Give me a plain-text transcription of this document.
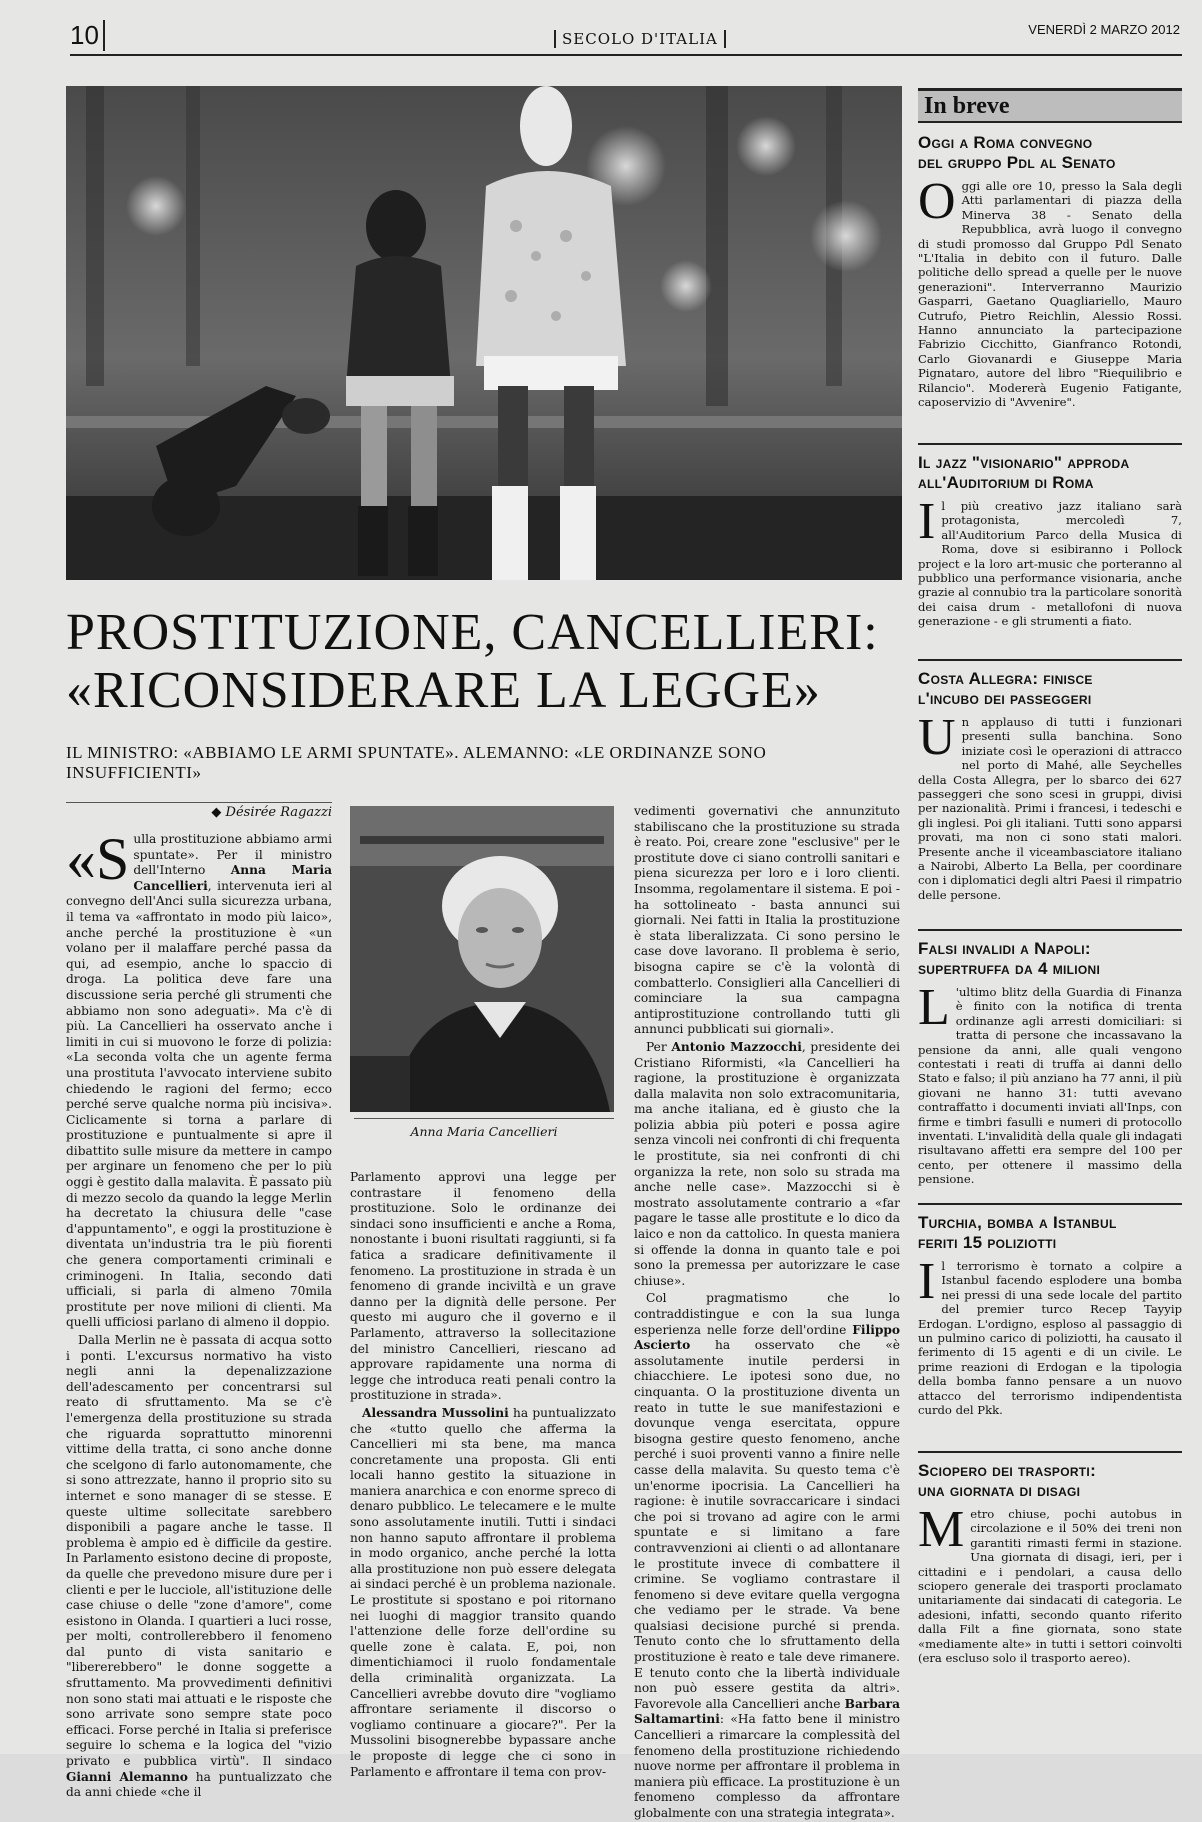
10	SECOLO D'ITALIA
VENERDÌ 2 MARZO 2012
PROSTITUZIONE, CANCELLIERI:
«RICONSIDERARE LA LEGGE»
IL MINISTRO: «ABBIAMO LE ARMI SPUNTATE». ALEMANNO: «LE ORDINANZE SONO INSUFFICIENTI»
◆ Désirée Ragazzi

«Sulla prostituzione abbiamo armi spuntate». Per il ministro dell'Interno Anna Maria Cancellieri, intervenuta ieri al convegno dell'Anci sulla sicurezza urbana, il tema va «affrontato in modo più laico», anche perché la prostituzione è «un volano per il malaffare perché passa da qui, ad esempio, anche lo spaccio di droga. La politica deve fare una discussione seria perché gli strumenti che abbiamo non sono adeguati». Ma c'è di più. La Cancellieri ha osservato anche i limiti in cui si muovono le forze di polizia: «La seconda volta che un agente ferma una prostituta l'avvocato interviene subito chiedendo le ragioni del fermo; ecco perché serve qualche norma più incisiva». Ciclicamente si torna a parlare di prostituzione e puntualmente si apre il dibattito sulle misure da mettere in campo per arginare un fenomeno che per lo più oggi è gestito dalla malavita. È passato più di mezzo secolo da quando la legge Merlin ha decretato la chiusura delle "case d'appuntamento", e oggi la prostituzione è diventata un'industria tra le più fiorenti che genera comportamenti criminali e criminogeni. In Italia, secondo dati ufficiali, si parla di almeno 70mila prostitute per nove milioni di clienti. Ma quelli ufficiosi parlano di almeno il doppio.

Dalla Merlin ne è passata di acqua sotto i ponti. L'excursus normativo ha visto negli anni la depenalizzazione dell'adescamento per concentrarsi sul reato di sfruttamento. Ma se c'è l'emergenza della prostituzione su strada che riguarda soprattutto minorenni vittime della tratta, ci sono anche donne che scelgono di farlo autonomamente, che si sono attrezzate, hanno il proprio sito su internet e sono manager di se stesse. E queste ultime sollecitate sarebbero disponibili a pagare anche le tasse. Il problema è ampio ed è difficile da gestire. In Parlamento esistono decine di proposte, da quelle che prevedono misure dure per i clienti e per le lucciole, all'istituzione delle case chiuse o delle "zone d'amore", come esistono in Olanda. I quartieri a luci rosse, per molti, controllerebbero il fenomeno dal punto di vista sanitario e "libererebbero" le donne soggette a sfruttamento. Ma provvedimenti definitivi non sono stati mai attuati e le risposte che sono arrivate sono sempre state poco efficaci. Forse perché in Italia si preferisce seguire lo schema e la logica del "vizio privato e pubblica virtù". Il sindaco Gianni Alemanno ha puntualizzato che da anni chiede «che il

Anna Maria Cancellieri

Parlamento approvi una legge per contrastare il fenomeno della prostituzione. Solo le ordinanze dei sindaci sono insufficienti e anche a Roma, nonostante i buoni risultati raggiunti, si fa fatica a sradicare definitivamente il fenomeno. La prostituzione in strada è un fenomeno di grande inciviltà e un grave danno per la dignità delle persone. Per questo mi auguro che il governo e il Parlamento, attraverso la sollecitazione del ministro Cancellieri, riescano ad approvare rapidamente una norma di legge che introduca reati penali contro la prostituzione in strada».

Alessandra Mussolini ha puntualizzato che «tutto quello che afferma la Cancellieri mi sta bene, ma manca concretamente una proposta. Gli enti locali hanno gestito la situazione in maniera anarchica e con enorme spreco di denaro pubblico. Le telecamere e le multe sono assolutamente inutili. Tutti i sindaci non hanno saputo affrontare il problema in modo organico, anche perché la lotta alla prostituzione non può essere delegata ai sindaci perché è un problema nazionale. Le prostitute si spostano e poi ritornano nei luoghi di maggior transito quando l'attenzione delle forze dell'ordine su quelle zone è calata. E, poi, non dimentichiamoci il ruolo fondamentale della criminalità organizzata. La Cancellieri avrebbe dovuto dire "vogliamo affrontare seriamente il discorso o vogliamo continuare a giocare?". Per la Mussolini bisognerebbe bypassare anche le proposte di legge che ci sono in Parlamento e affrontare il tema con prov-

vedimenti governativi che annunzituto stabiliscano che la prostituzione su strada è reato. Poi, creare zone "esclusive" per le prostitute dove ci siano controlli sanitari e piena sicurezza per loro e i loro clienti. Insomma, regolamentare il sistema. E poi - ha sottolineato - basta annunci sui giornali. Nei fatti in Italia la prostituzione è stata liberalizzata. Ci sono persino le case dove lavorano. Il problema è serio, bisogna capire se c'è la volontà di combatterlo. Consiglieri alla Cancellieri di cominciare la sua campagna antiprostituzione controllando tutti gli annunci pubblicati sui giornali».

Per Antonio Mazzocchi, presidente dei Cristiano Riformisti, «la Cancellieri ha ragione, la prostituzione è organizzata dalla malavita non solo extracomunitaria, ma anche italiana, ed è giusto che la polizia abbia più poteri e possa agire senza vincoli nei confronti di chi frequenta le prostitute, sia nei confronti di chi organizza la rete, non solo su strada ma anche nelle case». Mazzocchi si è mostrato assolutamente contrario a «far pagare le tasse alle prostitute e lo dico da laico e non da cattolico. In questa maniera si offende la donna in quanto tale e poi sono la premessa per autorizzare le case chiuse».

Col pragmatismo che lo contraddistingue e con la sua lunga esperienza nelle forze dell'ordine Filippo Ascierto ha osservato che «è assolutamente inutile perdersi in chiacchiere. Le ipotesi sono due, no cinquanta. O la prostituzione diventa un reato in tutte le sue manifestazioni e dovunque venga esercitata, oppure bisogna gestire questo fenomeno, anche perché i suoi proventi vanno a finire nelle casse della malavita. Su questo tema c'è un'enorme ipocrisia. La Cancellieri ha ragione: è inutile sovraccaricare i sindaci che poi si trovano ad agire con le armi spuntate e si limitano a fare contravvenzioni ai clienti o ad allontanare le prostitute invece di combattere il crimine. Se vogliamo contrastare il fenomeno si deve evitare quella vergogna che vediamo per le strade. Va bene qualsiasi decisione purché si prenda. Tenuto conto che lo sfruttamento della prostituzione è reato e tale deve rimanere. E tenuto conto che la libertà individuale non può essere gestita da altri». Favorevole alla Cancellieri anche Barbara Saltamartini: «Ha fatto bene il ministro Cancellieri a rimarcare la complessità del fenomeno della prostituzione richiedendo nuove norme per affrontare il problema in maniera più efficace. La prostituzione è un fenomeno complesso da affrontare globalmente con una strategia integrata».

In breve
Oggi a Roma convegno
del gruppo Pdl al Senato
Oggi alle ore 10, presso la Sala degli Atti parlamentari di piazza della Minerva 38 - Senato della Repubblica, avrà luogo il convegno di studi promosso dal Gruppo Pdl Senato "L'Italia in debito con il futuro. Dalle politiche dello spread a quelle per le nuove generazioni". Interverranno Maurizio Gasparri, Gaetano Quagliariello, Mauro Cutrufo, Pietro Reichlin, Alessio Rossi. Hanno annunciato la partecipazione Fabrizio Cicchitto, Gianfranco Rotondi, Carlo Giovanardi e Giuseppe Maria Pignataro, autore del libro "Riequilibrio e Rilancio". Modererà Eugenio Fatigante, caposervizio di "Avvenire".
Il jazz "visionario" approda
all'Auditorium di Roma
Il più creativo jazz italiano sarà protagonista, mercoledì 7, all'Auditorium Parco della Musica di Roma, dove si esibiranno i Pollock project e la loro art-music che porteranno al pubblico una performance visionaria, anche grazie al connubio tra la particolare sonorità dei caisa drum - metallofoni di nuova generazione - e gli strumenti a fiato.
Costa Allegra: finisce
l'incubo dei passeggeri
Un applauso di tutti i funzionari presenti sulla banchina. Sono iniziate così le operazioni di attracco nel porto di Mahé, alle Seychelles della Costa Allegra, per lo sbarco dei 627 passeggeri che sono scesi in gruppi, divisi per nazionalità. Primi i francesi, i tedeschi e gli inglesi. Poi gli italiani. Tutti sono apparsi provati, ma non ci sono stati malori. Presente anche il viceambasciatore italiano a Nairobi, Alberto La Bella, per coordinare con i diplomatici degli altri Paesi il rimpatrio delle persone.
Falsi invalidi a Napoli:
supertruffa da 4 milioni
L 'ultimo blitz della Guardia di Finanza è finito con la notifica di trenta ordinanze agli arresti domiciliari: si tratta di persone che incassavano la pensione da anni, alle quali vengono contestati i reati di truffa ai danni dello Stato e falso; il più anziano ha 77 anni, il più giovani ne hanno 31: tutti avevano contraffatto i documenti inviati all'Inps, con firme e timbri fasulli e numeri di protocollo inventati. L'invalidità della quale gli indagati risultavano affetti era sempre del 100 per cento, per ottenere il massimo della pensione.
Turchia, bomba a Istanbul
feriti 15 poliziotti
Il terrorismo è tornato a colpire a Istanbul facendo esplodere una bomba nei pressi di una sede locale del partito del premier turco Recep Tayyip Erdogan. L'ordigno, esploso al passaggio di un pulmino carico di poliziotti, ha causato il ferimento di 15 agenti e di un civile. Le prime reazioni di Erdogan e la tipologia della bomba fanno pensare a un nuovo attacco del terrorismo indipendentista curdo del Pkk.
Sciopero dei trasporti:
una giornata di disagi
Metro chiuse, pochi autobus in circolazione e il 50% dei treni non garantiti rimasti fermi in stazione. Una giornata di disagi, ieri, per i cittadini e i pendolari, a causa dello sciopero generale dei trasporti proclamato unitariamente dai sindacati di categoria. Le adesioni, infatti, secondo quanto riferito dalla Filt a fine giornata, sono state «mediamente alte» in tutti i settori coinvolti (era escluso solo il trasporto aereo).
